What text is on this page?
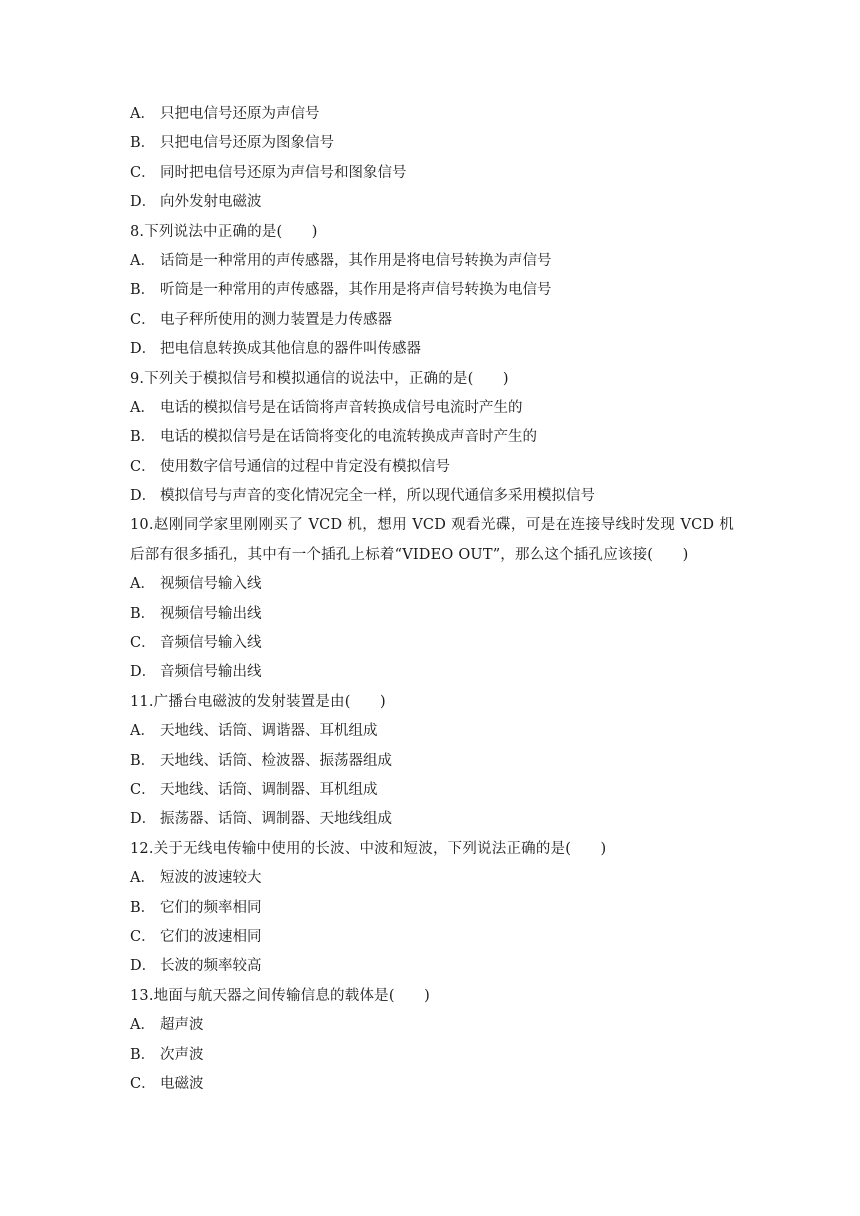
A． 只把电信号还原为声信号
B． 只把电信号还原为图象信号
C． 同时把电信号还原为声信号和图象信号
D． 向外发射电磁波
8.下列说法中正确的是(　　)
A． 话筒是一种常用的声传感器，其作用是将电信号转换为声信号
B． 听筒是一种常用的声传感器，其作用是将声信号转换为电信号
C． 电子秤所使用的测力装置是力传感器
D． 把电信息转换成其他信息的器件叫传感器
9.下列关于模拟信号和模拟通信的说法中，正确的是(　　)
A． 电话的模拟信号是在话筒将声音转换成信号电流时产生的
B． 电话的模拟信号是在话筒将变化的电流转换成声音时产生的
C． 使用数字信号通信的过程中肯定没有模拟信号
D． 模拟信号与声音的变化情况完全一样，所以现代通信多采用模拟信号
10.赵刚同学家里刚刚买了 VCD 机，想用 VCD 观看光碟，可是在连接导线时发现 VCD 机
后部有很多插孔，其中有一个插孔上标着“VIDEO OUT”，那么这个插孔应该接(　　)
A． 视频信号输入线
B． 视频信号输出线
C． 音频信号输入线
D． 音频信号输出线
11.广播台电磁波的发射装置是由(　　)
A． 天地线、话筒、调谐器、耳机组成
B． 天地线、话筒、检波器、振荡器组成
C． 天地线、话筒、调制器、耳机组成
D． 振荡器、话筒、调制器、天地线组成
12.关于无线电传输中使用的长波、中波和短波，下列说法正确的是(　　)
A． 短波的波速较大
B． 它们的频率相同
C． 它们的波速相同
D． 长波的频率较高
13.地面与航天器之间传输信息的载体是(　　)
A． 超声波
B． 次声波
C． 电磁波
